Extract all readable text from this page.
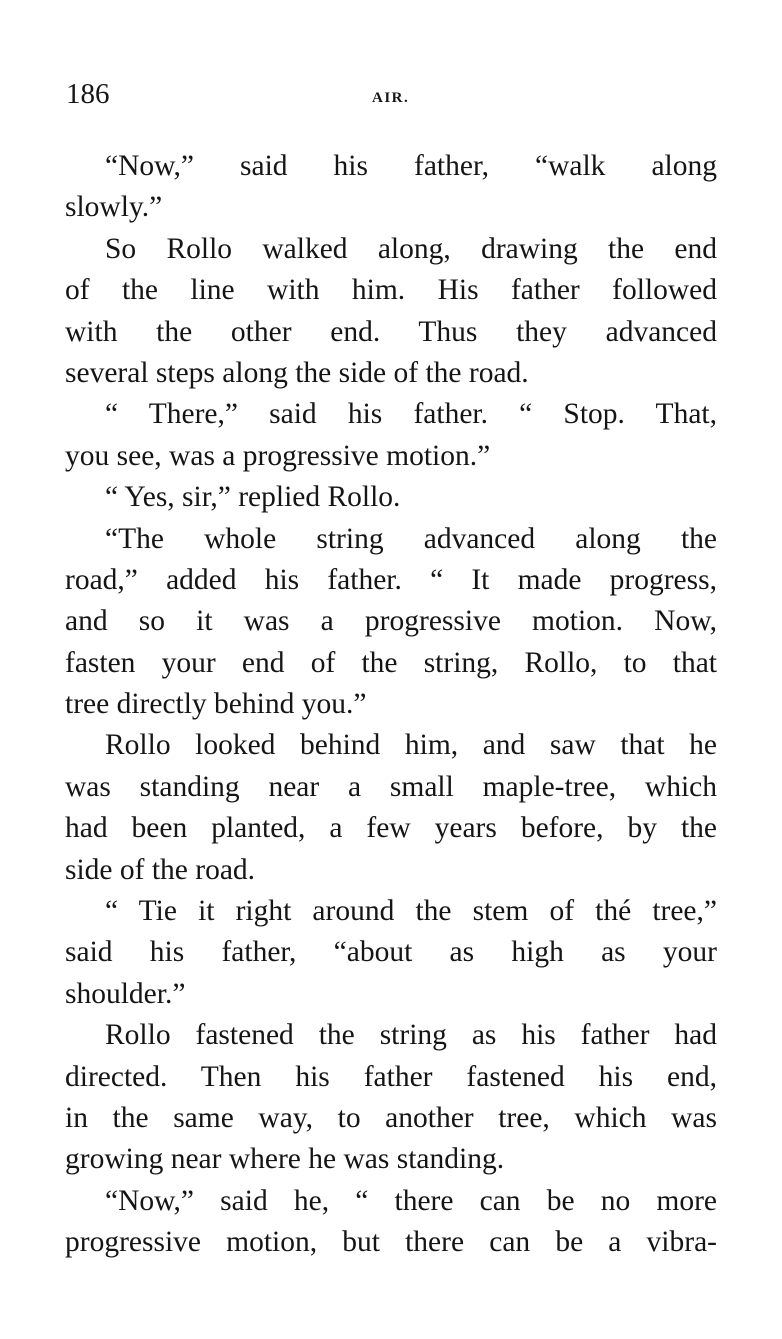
186	AIR.
“Now,” said his father, “walk along
slowly.”
So Rollo walked along, drawing the end
of the line with him. His father followed
with the other end. Thus they advanced
several steps along the side of the road.
“ There,” said his father. “ Stop. That,
you see, was a progressive motion.”
“ Yes, sir,” replied Rollo.
“The whole string advanced along the
road,” added his father. “ It made progress,
and so it was a progressive motion. Now,
fasten your end of the string, Rollo, to that
tree directly behind you.”
Rollo looked behind him, and saw that he
was standing near a small maple-tree, which
had been planted, a few years before, by the
side of the road.
“ Tie it right around the stem of thé tree,”
said his father, “about as high as your
shoulder.”
Rollo fastened the string as his father had
directed. Then his father fastened his end,
in the same way, to another tree, which was
growing near where he was standing.
“Now,” said he, “ there can be no more
progressive motion, but there can be a vibra-
